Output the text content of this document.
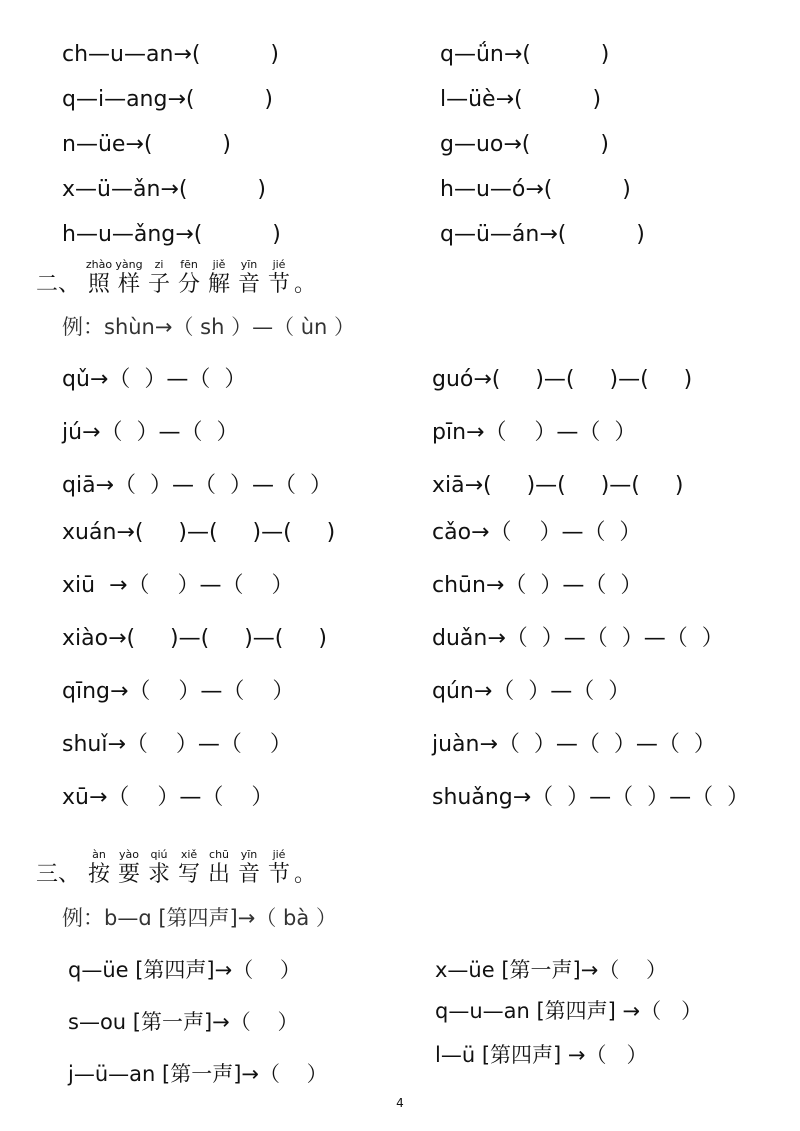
ch—u—an→(          )
q—i—ang→(          )
n—üe→(          )
x—ü—ǎn→(          )
h—u—ǎng→(          )
q—ǘn→(          )
l—üè→(          )
g—uo→(          )
h—u—ó→(          )
q—ü—án→(          )
二、
zhào
照
yàng
样
zi
子
fēn
分
jiě
解
yīn
音
jié
节 。
例：shùn→（ sh ）—（ ùn ）
qǔ→（  ）—（  ）
jú→（  ）—（  ）
qiā→（  ）—（  ）—（  ）
xuán→(     )—(     )—(     )
xiū  →（    ）—（    ）
xiào→(     )—(     )—(     )
qīng→（    ）—（    ）
shuǐ→（    ）—（    ）
xū→（    ）—（    ）
guó→(     )—(     )—(     )
pīn→（    ）—（  ）
xiā→(     )—(     )—(     )
cǎo→（    ）—（  ）
chūn→（  ）—（  ）
duǎn→（  ）—（  ）—（  ）
qún→（  ）—（  ）
juàn→（  ）—（  ）—（  ）
shuǎng→（  ）—（  ）—（  ）
三、
àn
按
yào
要
qiú
求
xiě
写
chū
出
yīn
音
jié
节 。
例：b—ɑ [第四声]→（ bà ）
q—üe [第四声]→（    ）
s—ou [第一声]→（    ）
j—ü—an [第一声]→（    ）
x—üe [第一声]→（    ）
q—u—an [第四声] →（   ）
l—ü [第四声] →（   ）
4
